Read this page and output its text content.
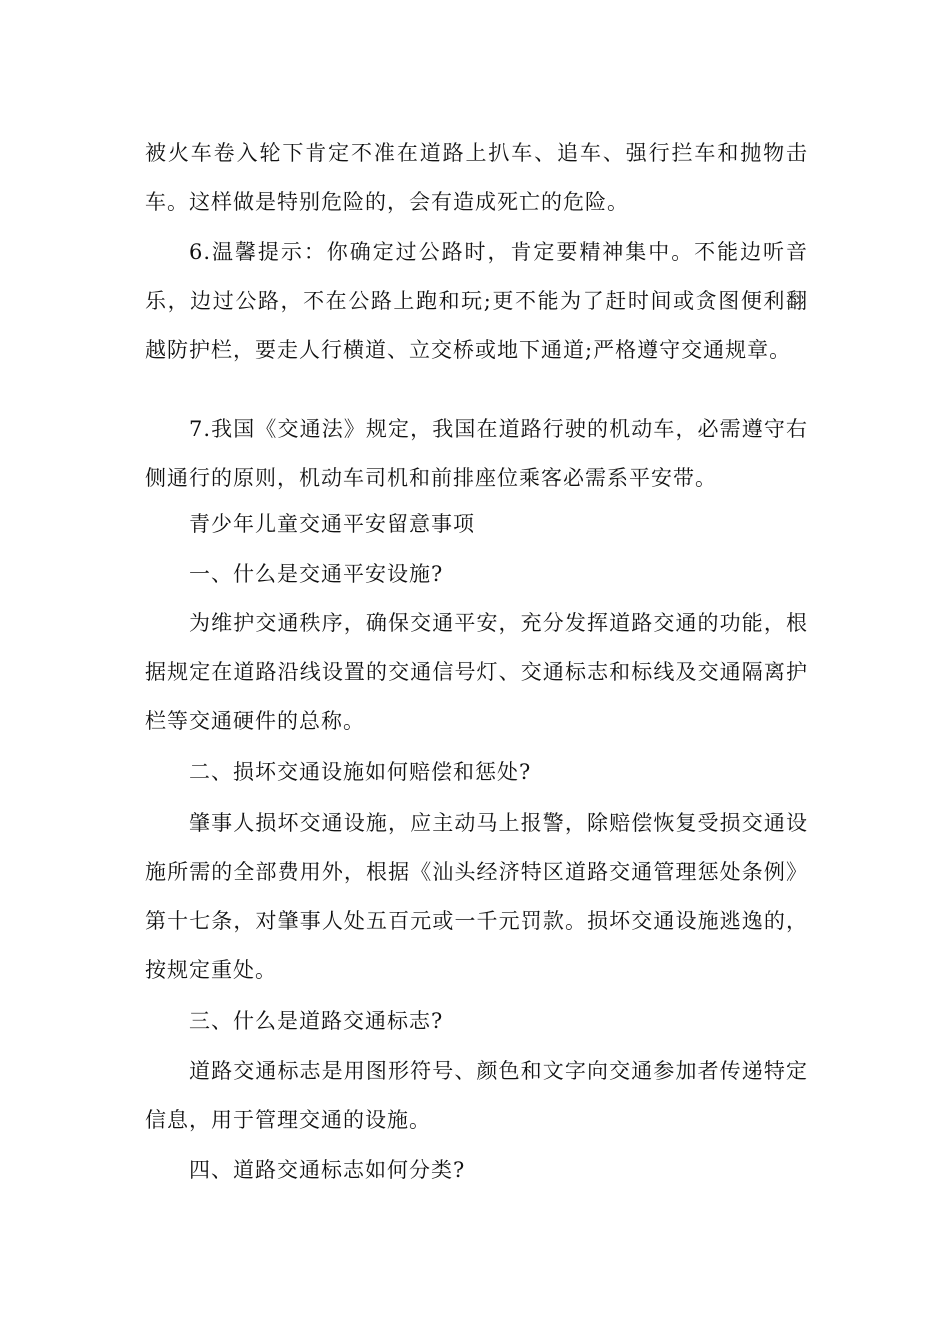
被火车卷入轮下肯定不准在道路上扒车、追车、强行拦车和抛物击车。这样做是特别危险的，会有造成死亡的危险。
6.温馨提示：你确定过公路时，肯定要精神集中。不能边听音乐，边过公路，不在公路上跑和玩;更不能为了赶时间或贪图便利翻越防护栏，要走人行横道、立交桥或地下通道;严格遵守交通规章。
7.我国《交通法》规定，我国在道路行驶的机动车，必需遵守右侧通行的原则，机动车司机和前排座位乘客必需系平安带。
青少年儿童交通平安留意事项
一、什么是交通平安设施?
为维护交通秩序，确保交通平安，充分发挥道路交通的功能，根据规定在道路沿线设置的交通信号灯、交通标志和标线及交通隔离护栏等交通硬件的总称。
二、损坏交通设施如何赔偿和惩处?
肇事人损坏交通设施，应主动马上报警，除赔偿恢复受损交通设施所需的全部费用外，根据《汕头经济特区道路交通管理惩处条例》第十七条，对肇事人处五百元或一千元罚款。损坏交通设施逃逸的，按规定重处。
三、什么是道路交通标志?
道路交通标志是用图形符号、颜色和文字向交通参加者传递特定信息，用于管理交通的设施。
四、道路交通标志如何分类?
